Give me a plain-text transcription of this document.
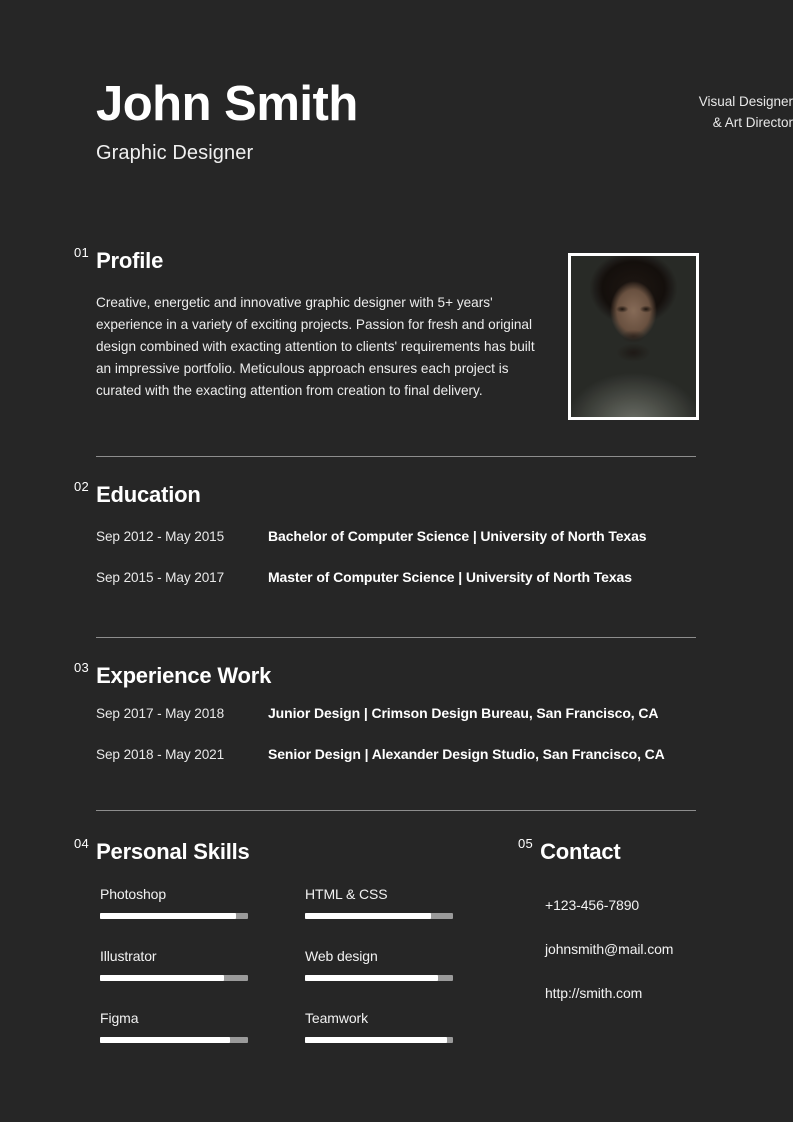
John Smith
Graphic Designer
Visual Designer
& Art Director
01 Profile

Creative, energetic and innovative graphic designer with 5+ years' experience in a variety of exciting projects. Passion for fresh and original design combined with exacting attention to clients' requirements has built an impressive portfolio. Meticulous approach ensures each project is curated with the exacting attention from creation to final delivery.

02 Education
Sep 2012 - May 2015	Bachelor of Computer Science | University of North Texas
Sep 2015 - May 2017	Master of Computer Science | University of North Texas
03 Experience Work
Sep 2017 - May 2018	Junior Design | Crimson Design Bureau, San Francisco, CA
Sep 2018 - May 2021	Senior Design | Alexander Design Studio, San Francisco, CA
04 Personal Skills
Photoshop
Illustrator
Figma
HTML & CSS
Web design
Teamwork
05 Contact
+123-456-7890
johnsmith@mail.com
http://smith.com
